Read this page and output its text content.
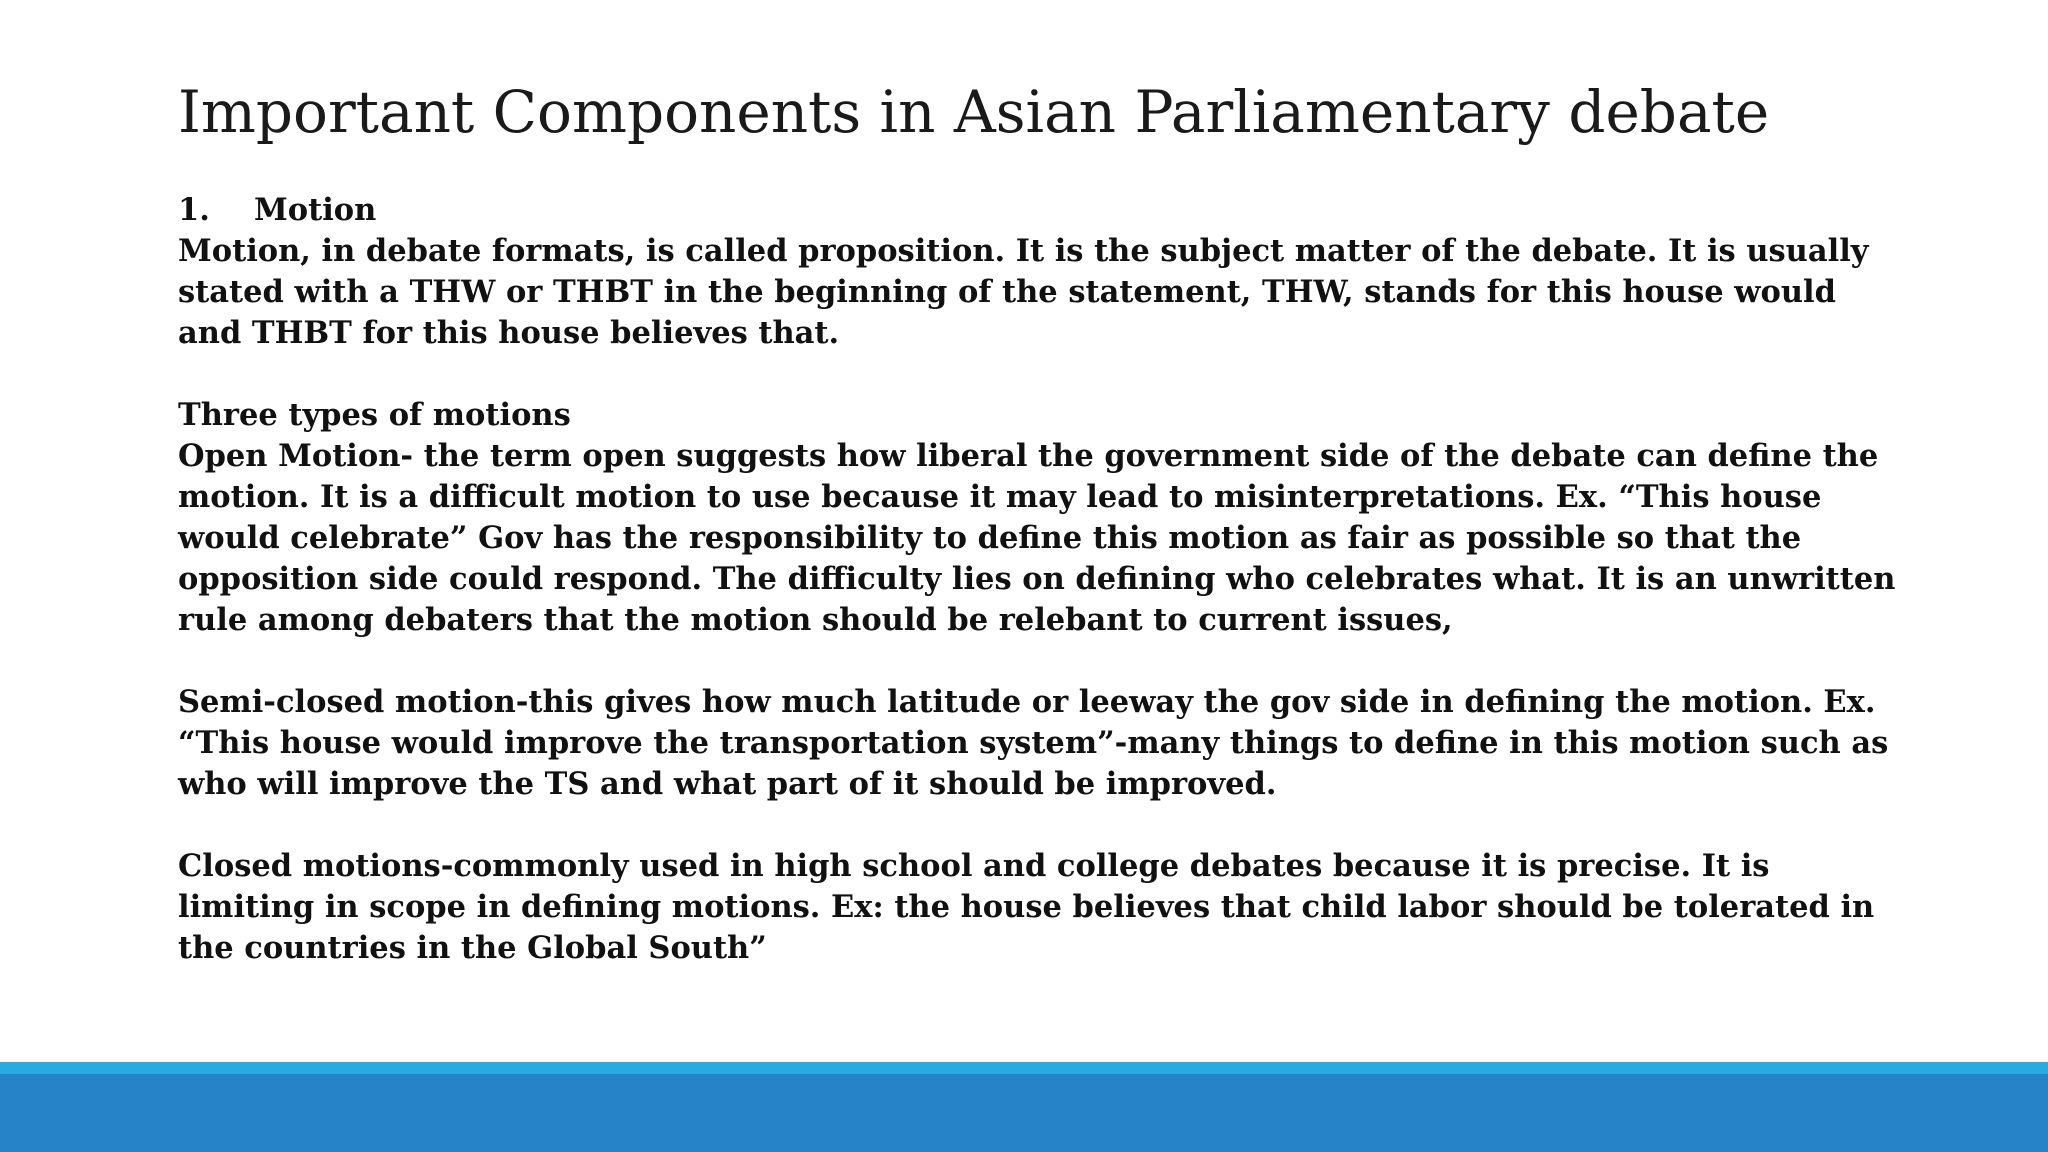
Important Components in Asian Parliamentary debate

1. Motion

Motion, in debate formats, is called proposition. It is the subject matter of the debate. It is usually stated with a THW or THBT in the beginning of the statement, THW, stands for this house would and THBT for this house believes that.

Three types of motions

Open Motion- the term open suggests how liberal the government side of the debate can define the motion. It is a difficult motion to use because it may lead to misinterpretations. Ex. “This house would celebrate” Gov has the responsibility to define this motion as fair as possible so that the opposition side could respond. The difficulty lies on defining who celebrates what. It is an unwritten rule among debaters that the motion should be relebant to current issues,

Semi-closed motion-this gives how much latitude or leeway the gov side in defining the motion. Ex. “This house would improve the transportation system”-many things to define in this motion such as who will improve the TS and what part of it should be improved.

Closed motions-commonly used in high school and college debates because it is precise. It is limiting in scope in defining motions. Ex: the house believes that child labor should be tolerated in the countries in the Global South”
